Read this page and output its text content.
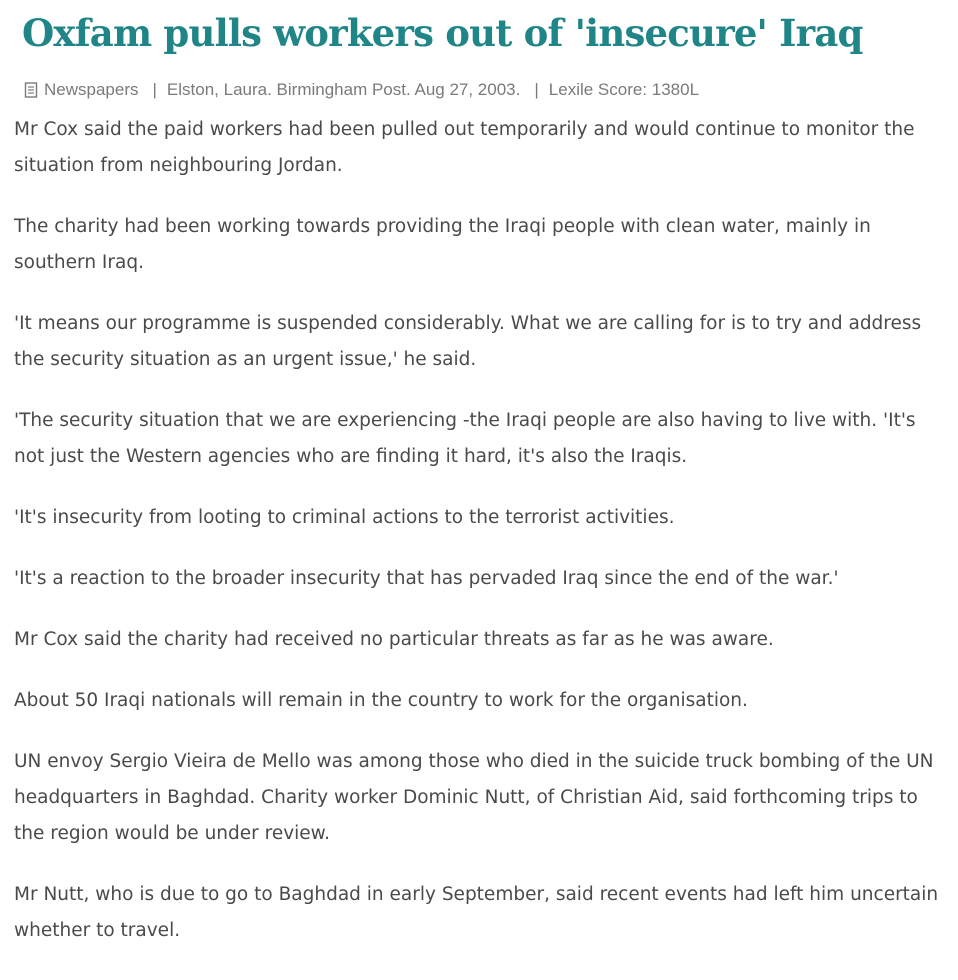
Oxfam pulls workers out of 'insecure' Iraq
Newspapers | Elston, Laura. Birmingham Post. Aug 27, 2003. | Lexile Score: 1380L

Mr Cox said the paid workers had been pulled out temporarily and would continue to monitor the situation from neighbouring Jordan.

The charity had been working towards providing the Iraqi people with clean water, mainly in southern Iraq.

'It means our programme is suspended considerably. What we are calling for is to try and address the security situation as an urgent issue,' he said.

'The security situation that we are experiencing -the Iraqi people are also having to live with. 'It's not just the Western agencies who are finding it hard, it's also the Iraqis.

'It's insecurity from looting to criminal actions to the terrorist activities.

'It's a reaction to the broader insecurity that has pervaded Iraq since the end of the war.'

Mr Cox said the charity had received no particular threats as far as he was aware.

About 50 Iraqi nationals will remain in the country to work for the organisation.

UN envoy Sergio Vieira de Mello was among those who died in the suicide truck bombing of the UN headquarters in Baghdad. Charity worker Dominic Nutt, of Christian Aid, said forthcoming trips to the region would be under review.

Mr Nutt, who is due to go to Baghdad in early September, said recent events had left him uncertain whether to travel.
